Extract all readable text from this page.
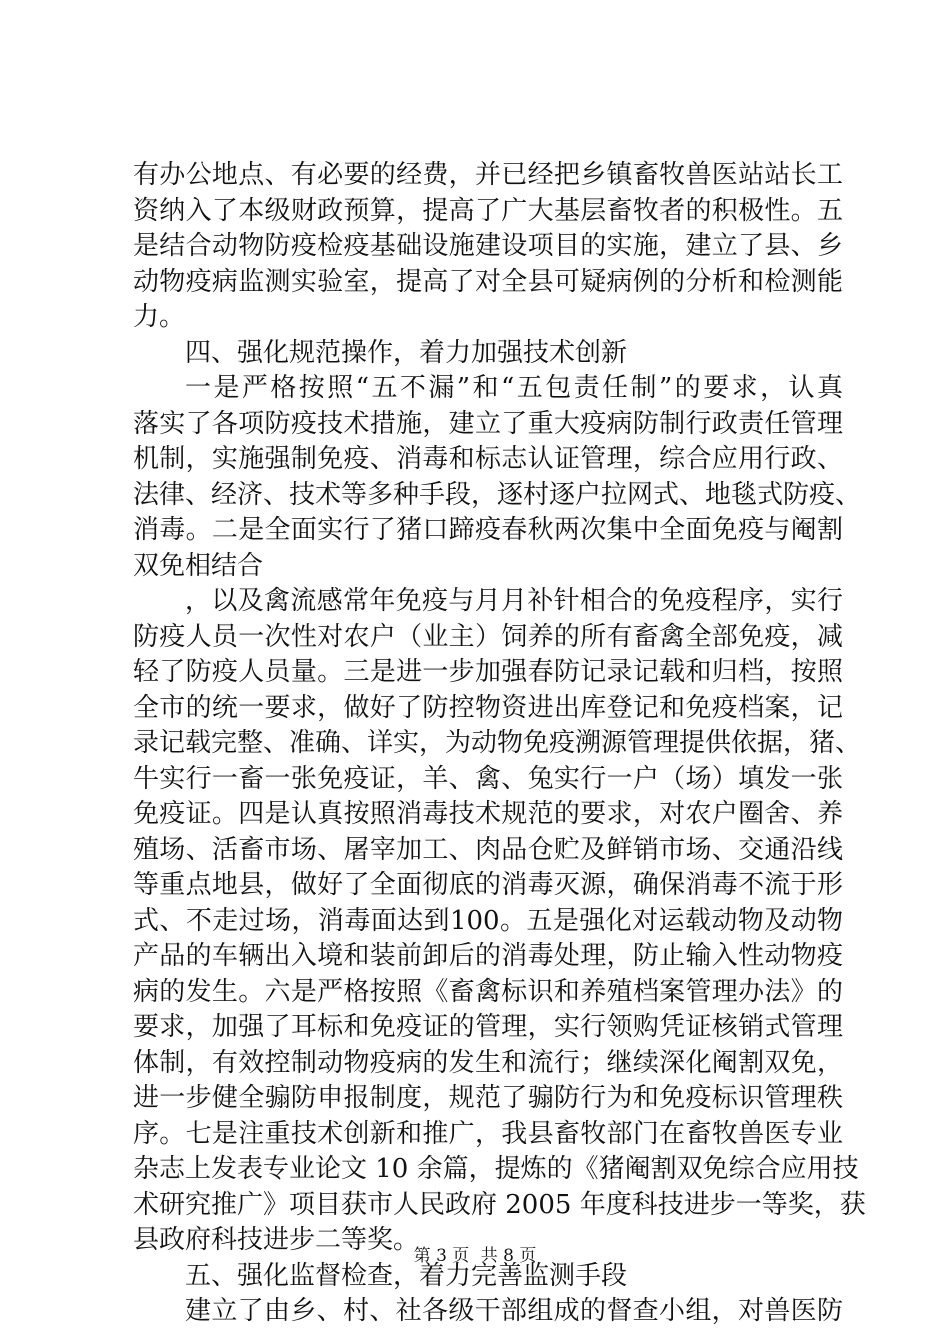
有办公地点、有必要的经费，并已经把乡镇畜牧兽医站站长工
资纳入了本级财政预算，提高了广大基层畜牧者的积极性。五
是结合动物防疫检疫基础设施建设项目的实施，建立了县、乡
动物疫病监测实验室，提高了对全县可疑病例的分析和检测能
力。
四、强化规范操作，着力加强技术创新
一是严格按照“五不漏”和“五包责任制”的要求，认真
落实了各项防疫技术措施，建立了重大疫病防制行政责任管理
机制，实施强制免疫、消毒和标志认证管理，综合应用行政、
法律、经济、技术等多种手段，逐村逐户拉网式、地毯式防疫、
消毒。二是全面实行了猪口蹄疫春秋两次集中全面免疫与阉割
双免相结合
，以及禽流感常年免疫与月月补针相合的免疫程序，实行
防疫人员一次性对农户（业主）饲养的所有畜禽全部免疫，减
轻了防疫人员量。三是进一步加强春防记录记载和归档，按照
全市的统一要求，做好了防控物资进出库登记和免疫档案，记
录记载完整、准确、详实，为动物免疫溯源管理提供依据，猪、
牛实行一畜一张免疫证，羊、禽、兔实行一户（场）填发一张
免疫证。四是认真按照消毒技术规范的要求，对农户圈舍、养
殖场、活畜市场、屠宰加工、肉品仓贮及鲜销市场、交通沿线
等重点地县，做好了全面彻底的消毒灭源，确保消毒不流于形
式、不走过场，消毒面达到100。五是强化对运载动物及动物
产品的车辆出入境和装前卸后的消毒处理，防止输入性动物疫
病的发生。六是严格按照《畜禽标识和养殖档案管理办法》的
要求，加强了耳标和免疫证的管理，实行领购凭证核销式管理
体制，有效控制动物疫病的发生和流行；继续深化阉割双免，
进一步健全骟防申报制度，规范了骟防行为和免疫标识管理秩
序。七是注重技术创新和推广，我县畜牧部门在畜牧兽医专业
杂志上发表专业论文 10 余篇，提炼的《猪阉割双免综合应用技
术研究推广》项目获市人民政府 2005 年度科技进步一等奖，获
县政府科技进步二等奖。
五、强化监督检查，着力完善监测手段
建立了由乡、村、社各级干部组成的督查小组，对兽医防
第 3 页 共 8 页
